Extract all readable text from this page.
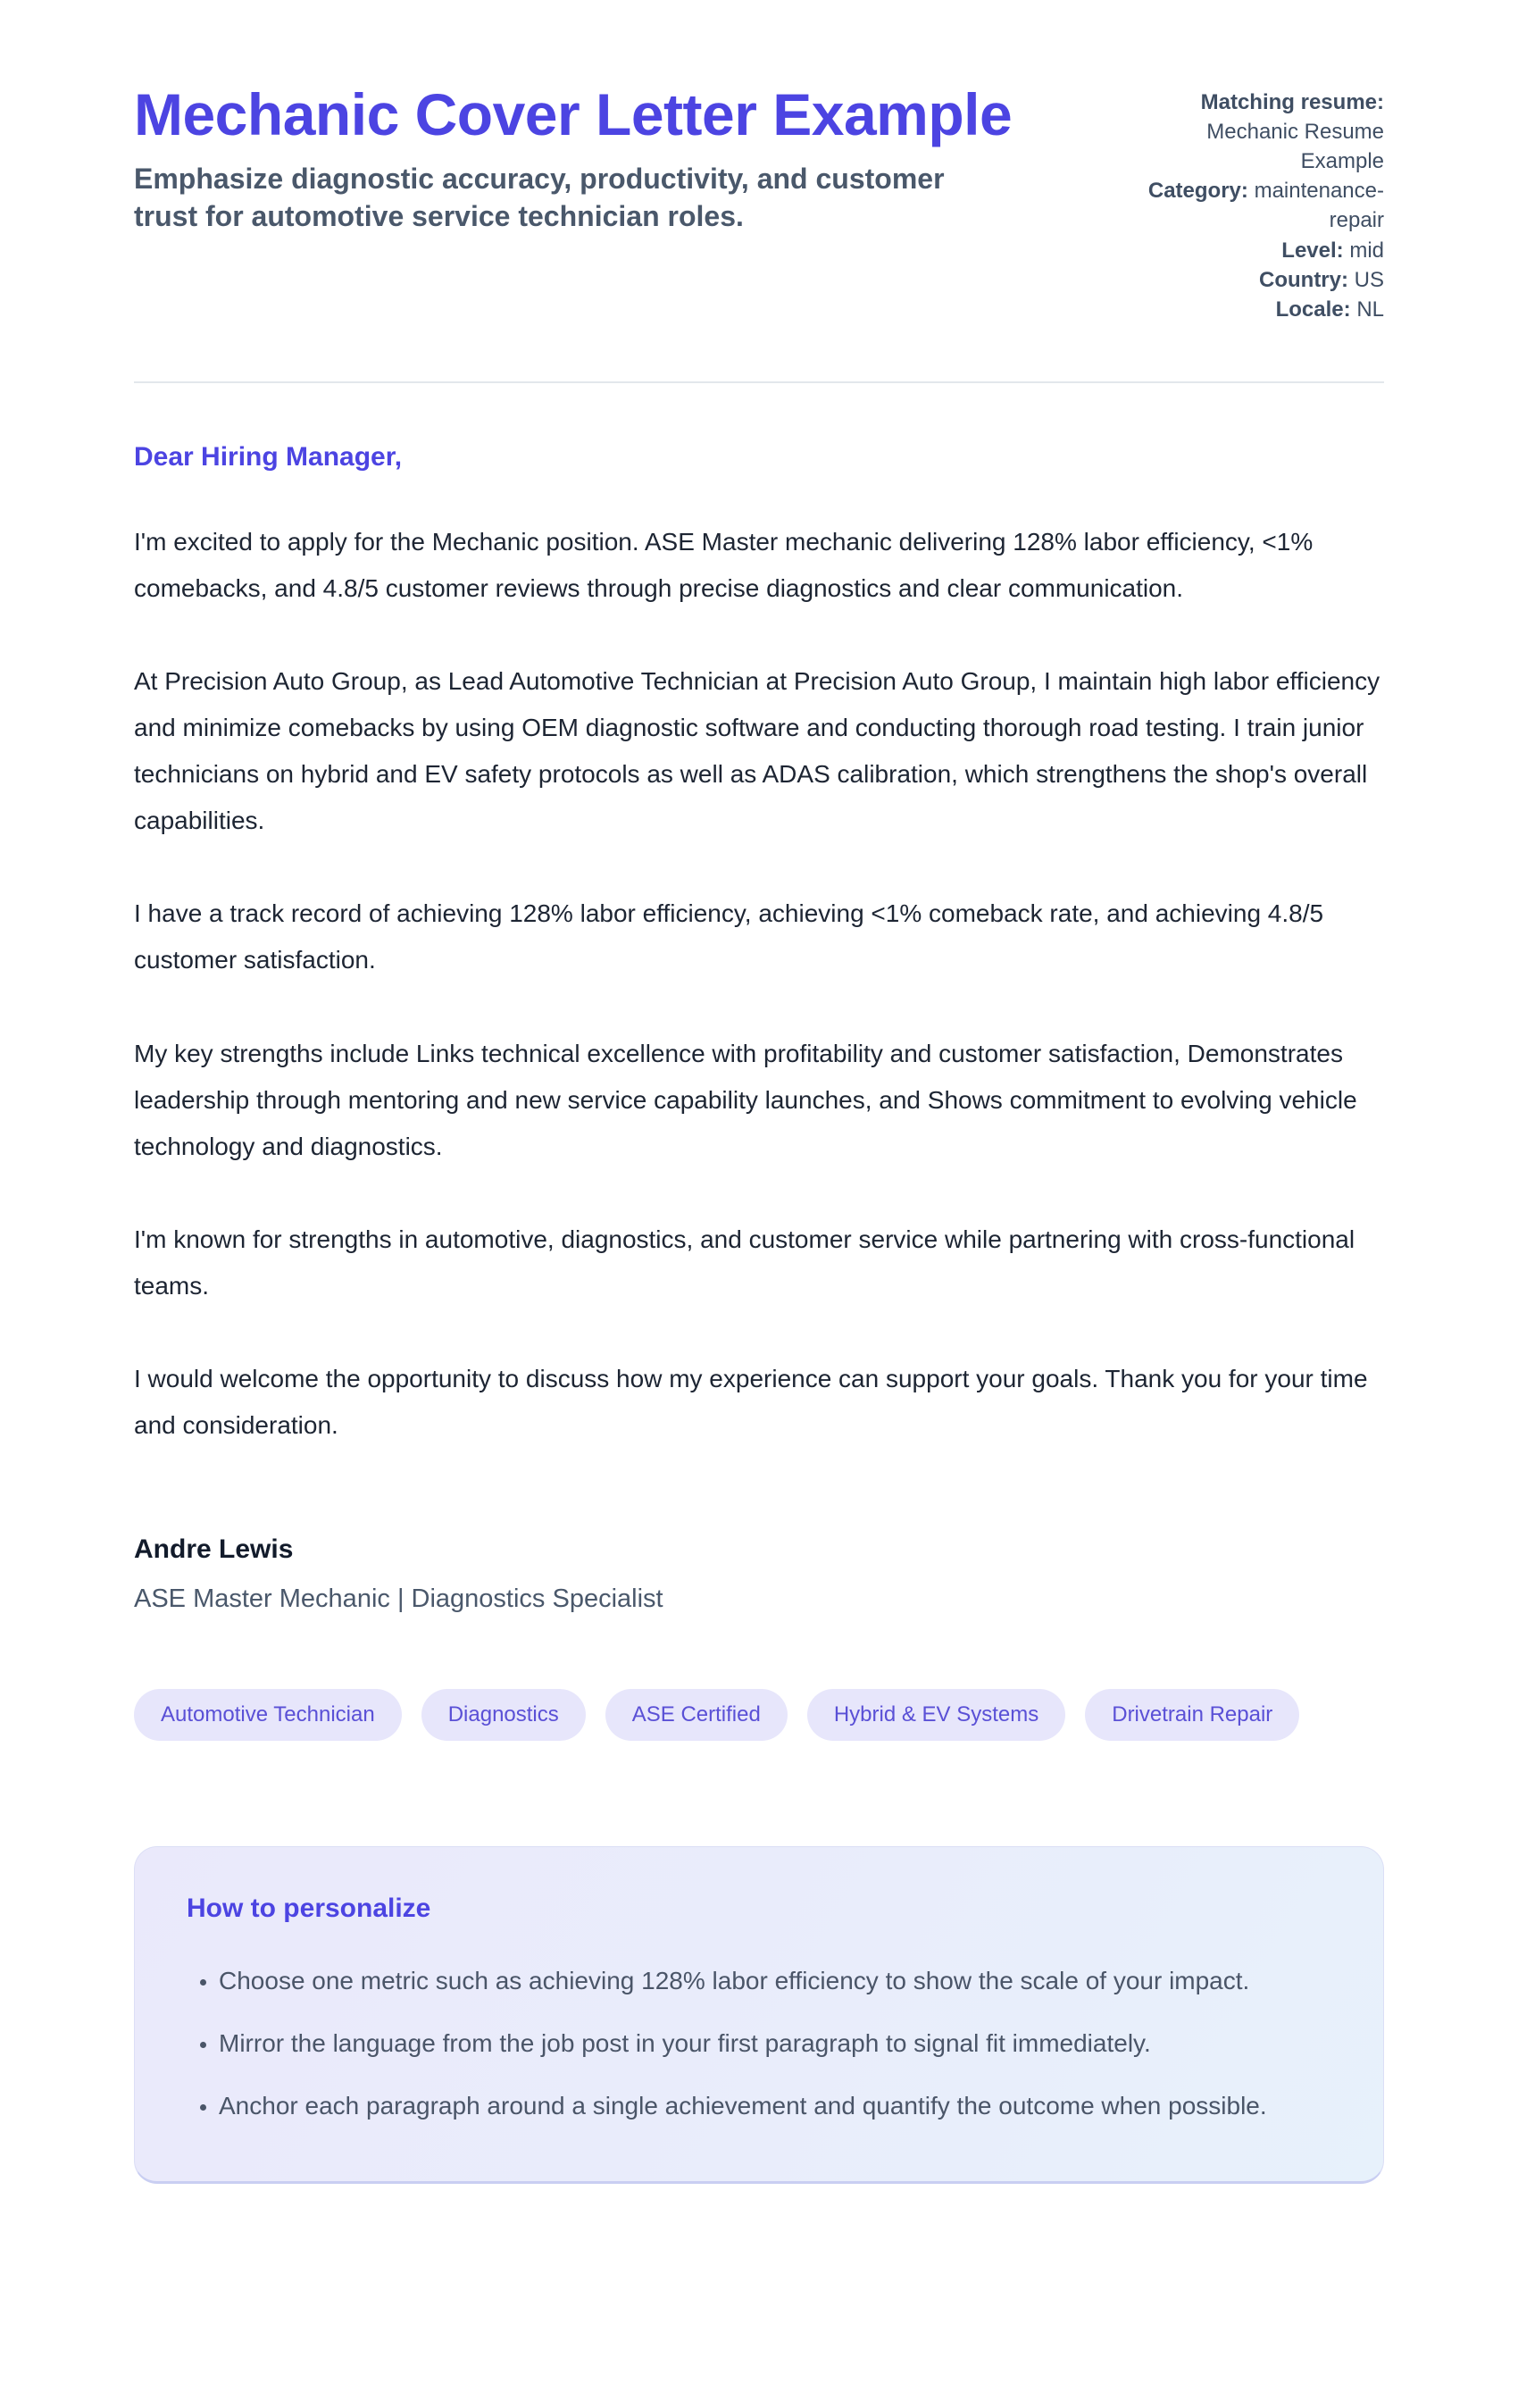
Mechanic Cover Letter Example
Emphasize diagnostic accuracy, productivity, and customer trust for automotive service technician roles.
Matching resume: Mechanic Resume Example
Category: maintenance-repair
Level: mid
Country: US
Locale: NL
Dear Hiring Manager,

I'm excited to apply for the Mechanic position. ASE Master mechanic delivering 128% labor efficiency, <1% comebacks, and 4.8/5 customer reviews through precise diagnostics and clear communication.

At Precision Auto Group, as Lead Automotive Technician at Precision Auto Group, I maintain high labor efficiency and minimize comebacks by using OEM diagnostic software and conducting thorough road testing. I train junior technicians on hybrid and EV safety protocols as well as ADAS calibration, which strengthens the shop's overall capabilities.

I have a track record of achieving 128% labor efficiency, achieving <1% comeback rate, and achieving 4.8/5 customer satisfaction.

My key strengths include Links technical excellence with profitability and customer satisfaction, Demonstrates leadership through mentoring and new service capability launches, and Shows commitment to evolving vehicle technology and diagnostics.

I'm known for strengths in automotive, diagnostics, and customer service while partnering with cross-functional teams.

I would welcome the opportunity to discuss how my experience can support your goals. Thank you for your time and consideration.

Andre Lewis
ASE Master Mechanic | Diagnostics Specialist
Automotive Technician	Diagnostics	ASE Certified	Hybrid & EV Systems	Drivetrain Repair
How to personalize
• Choose one metric such as achieving 128% labor efficiency to show the scale of your impact.
• Mirror the language from the job post in your first paragraph to signal fit immediately.
• Anchor each paragraph around a single achievement and quantify the outcome when possible.
